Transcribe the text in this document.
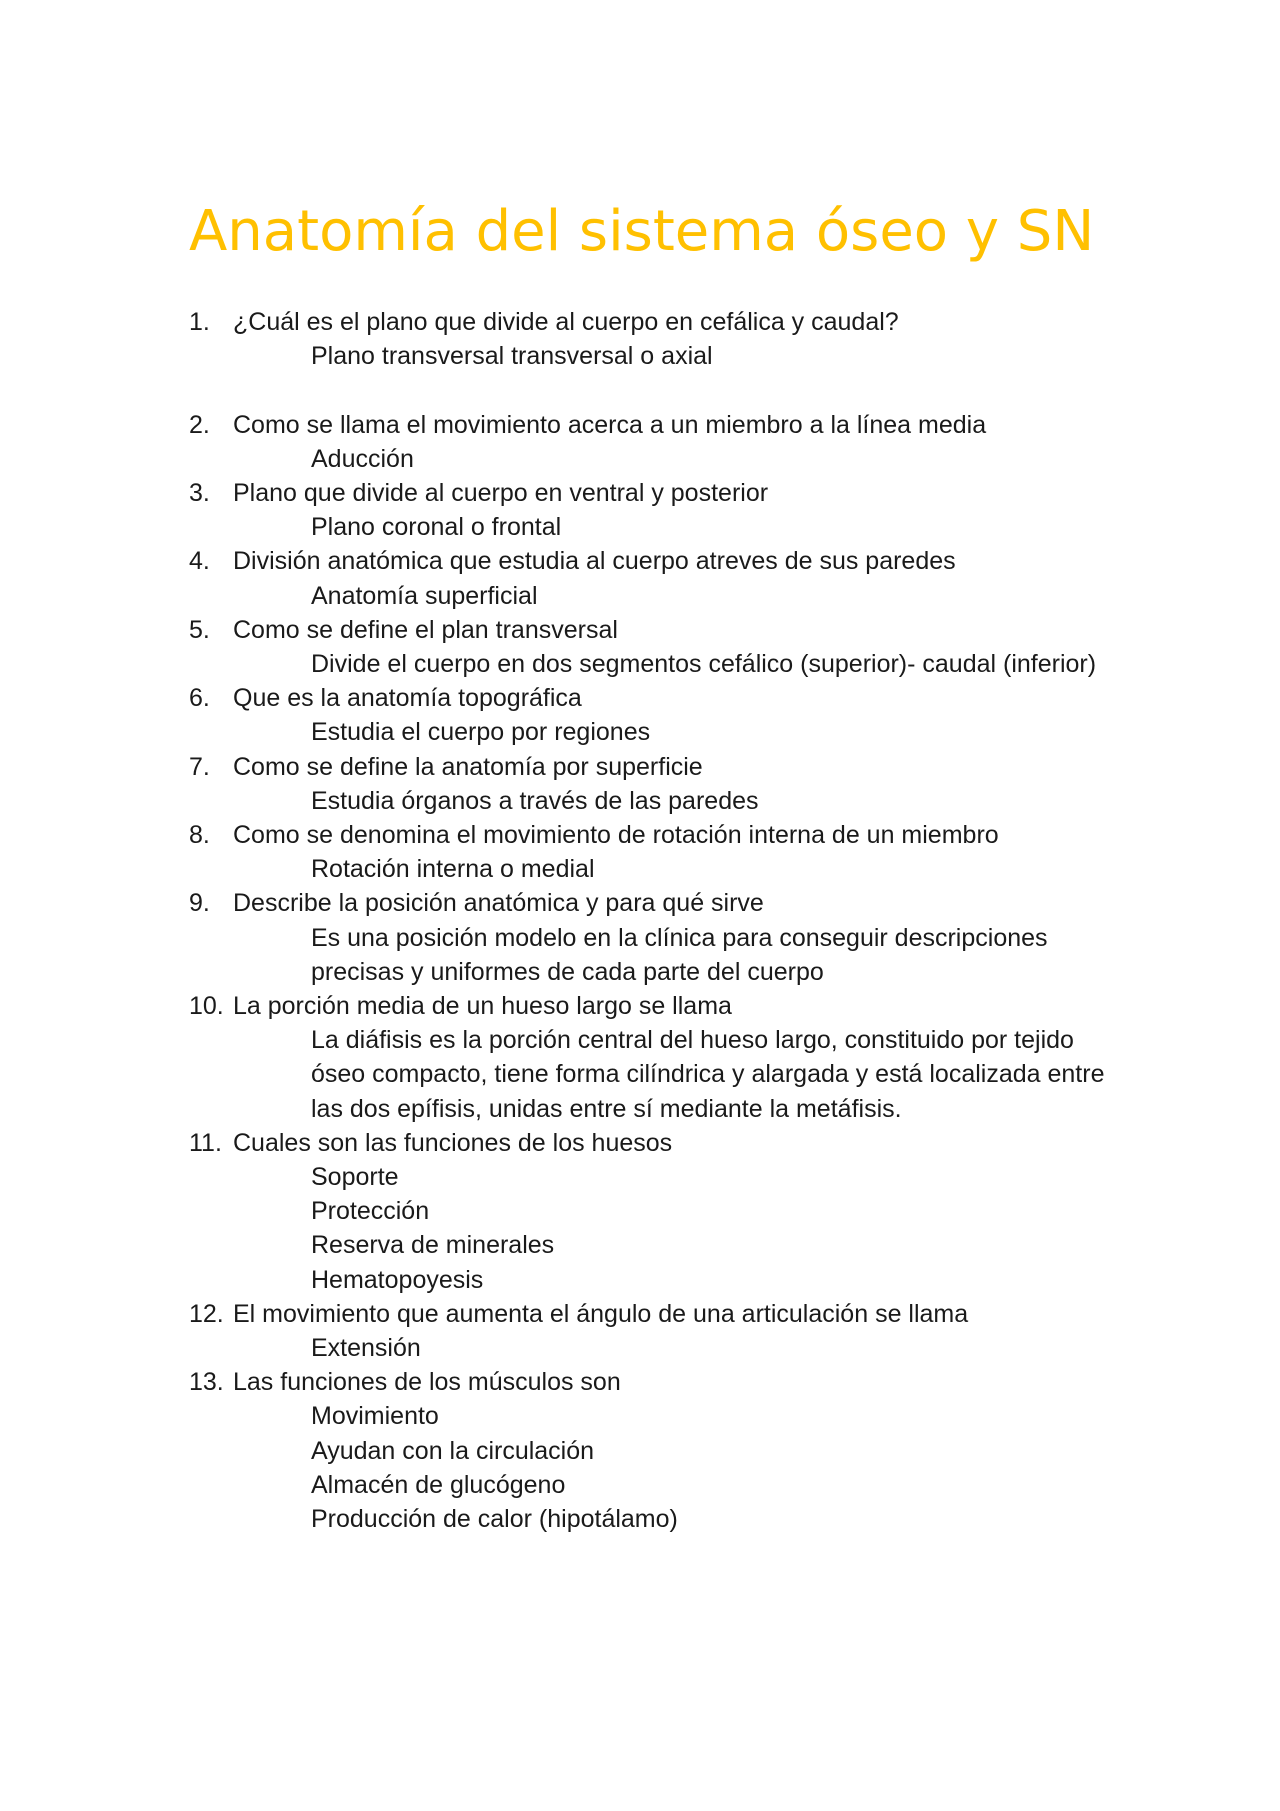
Anatomía del sistema óseo y SN
1. ¿Cuál es el plano que divide al cuerpo en cefálica y caudal?
Plano transversal transversal o axial
2. Como se llama el movimiento acerca a un miembro a la línea media
Aducción
3. Plano que divide al cuerpo en ventral y posterior
Plano coronal o frontal
4. División anatómica que estudia al cuerpo atreves de sus paredes
Anatomía superficial
5. Como se define el plan transversal
Divide el cuerpo en dos segmentos cefálico (superior)- caudal (inferior)
6. Que es la anatomía topográfica
Estudia el cuerpo por regiones
7. Como se define la anatomía por superficie
Estudia órganos a través de las paredes
8. Como se denomina el movimiento de rotación interna de un miembro
Rotación interna o medial
9. Describe la posición anatómica y para qué sirve
Es una posición modelo en la clínica para conseguir descripciones precisas y uniformes de cada parte del cuerpo
10. La porción media de un hueso largo se llama
La diáfisis es la porción central del hueso largo, constituido por tejido óseo compacto, tiene forma cilíndrica y alargada y está localizada entre las dos epífisis, unidas entre sí mediante la metáfisis.
11. Cuales son las funciones de los huesos
Soporte
Protección
Reserva de minerales
Hematopoyesis
12. El movimiento que aumenta el ángulo de una articulación se llama
Extensión
13. Las funciones de los músculos son
Movimiento
Ayudan con la circulación
Almacén de glucógeno
Producción de calor (hipotálamo)
